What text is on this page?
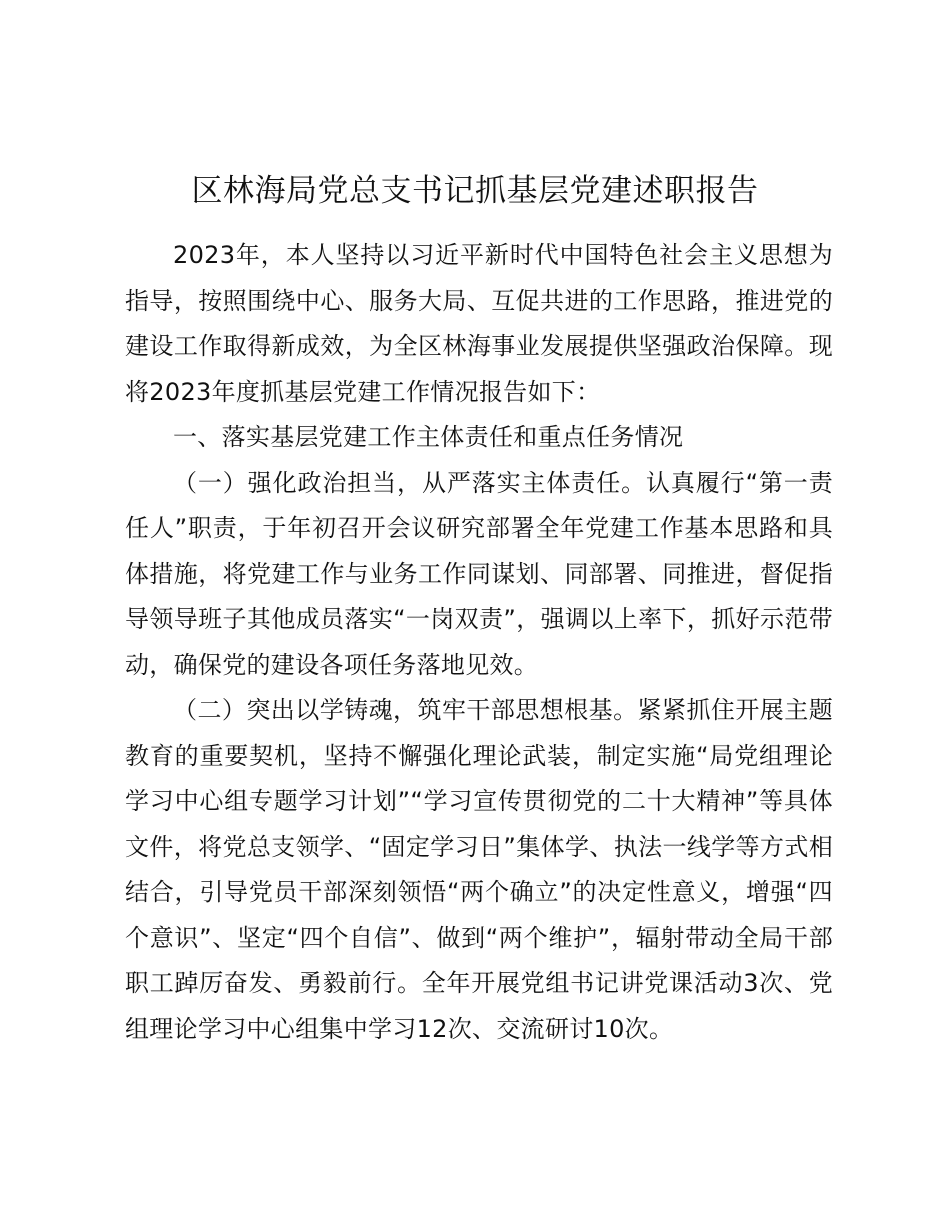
区林海局党总支书记抓基层党建述职报告

2023年，本人坚持以习近平新时代中国特色社会主义思想为指导，按照围绕中心、服务大局、互促共进的工作思路，推进党的建设工作取得新成效，为全区林海事业发展提供坚强政治保障。现将2023年度抓基层党建工作情况报告如下：

一、落实基层党建工作主体责任和重点任务情况

（一）强化政治担当，从严落实主体责任。认真履行“第一责任人”职责，于年初召开会议研究部署全年党建工作基本思路和具体措施，将党建工作与业务工作同谋划、同部署、同推进，督促指导领导班子其他成员落实“一岗双责”，强调以上率下，抓好示范带动，确保党的建设各项任务落地见效。

（二）突出以学铸魂，筑牢干部思想根基。紧紧抓住开展主题教育的重要契机，坚持不懈强化理论武装，制定实施“局党组理论学习中心组专题学习计划”“学习宣传贯彻党的二十大精神”等具体文件，将党总支领学、“固定学习日”集体学、执法一线学等方式相结合，引导党员干部深刻领悟“两个确立”的决定性意义，增强“四个意识”、坚定“四个自信”、做到“两个维护”，辐射带动全局干部职工踔厉奋发、勇毅前行。全年开展党组书记讲党课活动3次、党组理论学习中心组集中学习12次、交流研讨10次。
